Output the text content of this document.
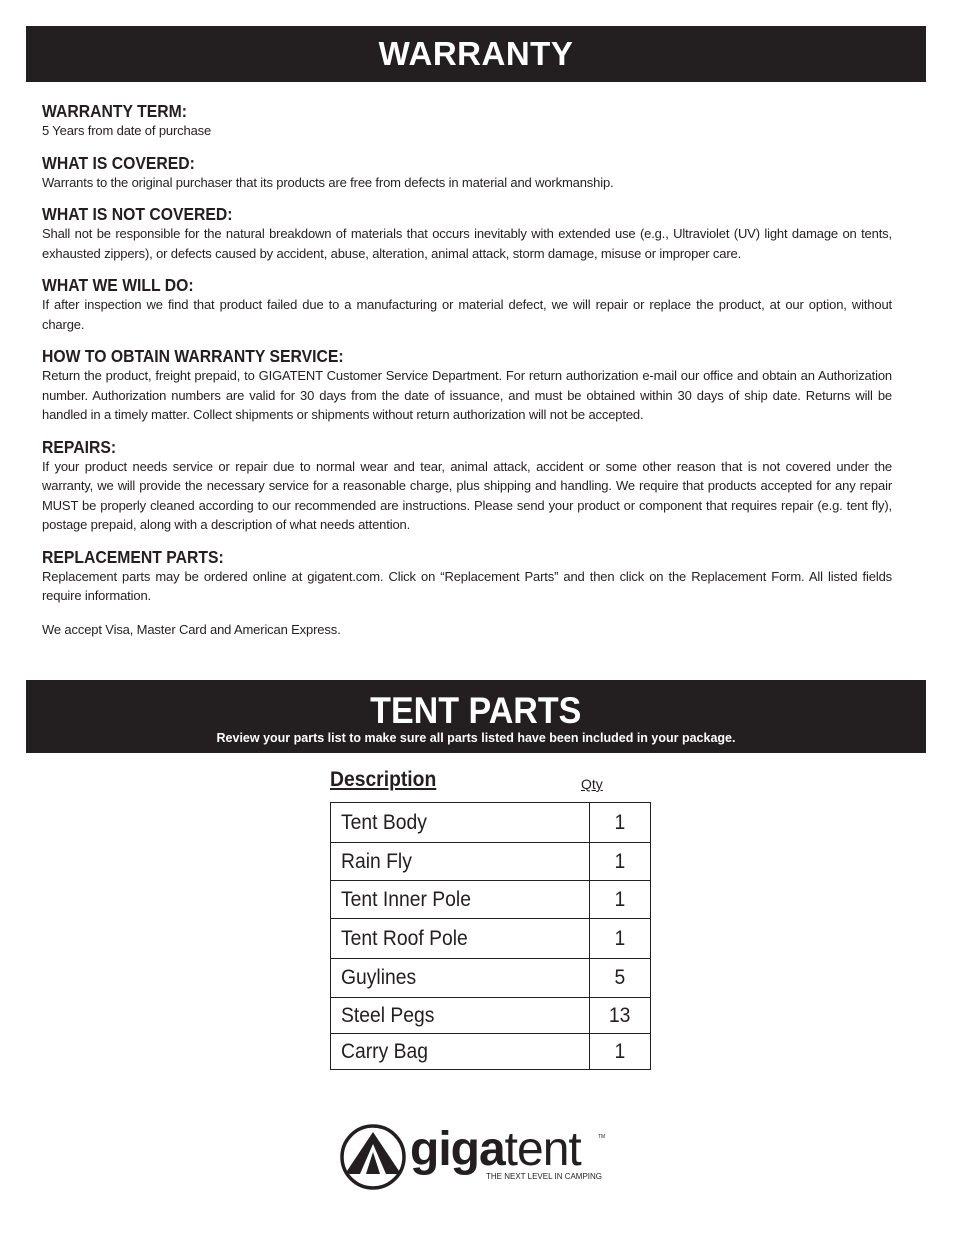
WARRANTY

WARRANTY TERM:

5 Years from date of purchase

WHAT IS COVERED:

Warrants to the original purchaser that its products are free from defects in material and workmanship.

WHAT IS NOT COVERED:

Shall not be responsible for the natural breakdown of materials that occurs inevitably with extended use (e.g., Ultraviolet (UV) light damage on tents, exhausted zippers), or defects caused by accident, abuse, alteration, animal attack, storm damage, misuse or improper care.

WHAT WE WILL DO:

If after inspection we find that product failed due to a manufacturing or material defect, we will repair or replace the product, at our option, without charge.

HOW TO OBTAIN WARRANTY SERVICE:

Return the product, freight prepaid, to GIGATENT Customer Service Department. For return authorization e-mail our office and obtain an Authorization number. Authorization numbers are valid for 30 days from the date of issuance, and must be obtained within 30 days of ship date. Returns will be handled in a timely matter. Collect shipments or shipments without return authorization will not be accepted.

REPAIRS:

If your product needs service or repair due to normal wear and tear, animal attack, accident or some other reason that is not covered under the warranty, we will provide the necessary service for a reasonable charge, plus shipping and handling. We require that products accepted for any repair MUST be properly cleaned according to our recommended are instructions. Please send your product or component that requires repair (e.g. tent fly), postage prepaid, along with a description of what needs attention.

REPLACEMENT PARTS:

Replacement parts may be ordered online at gigatent.com. Click on “Replacement Parts” and then click on the Replacement Form. All listed fields require information.

We accept Visa, Master Card and American Express.

TENT PARTS
Review your parts list to make sure all parts listed have been included in your package.
Description	Qty
Tent Body	1
Rain Fly	1
Tent Inner Pole	1
Tent Roof Pole	1
Guylines	5
Steel Pegs	13
Carry Bag	1
gigatent	TM
THE NEXT LEVEL IN CAMPING
